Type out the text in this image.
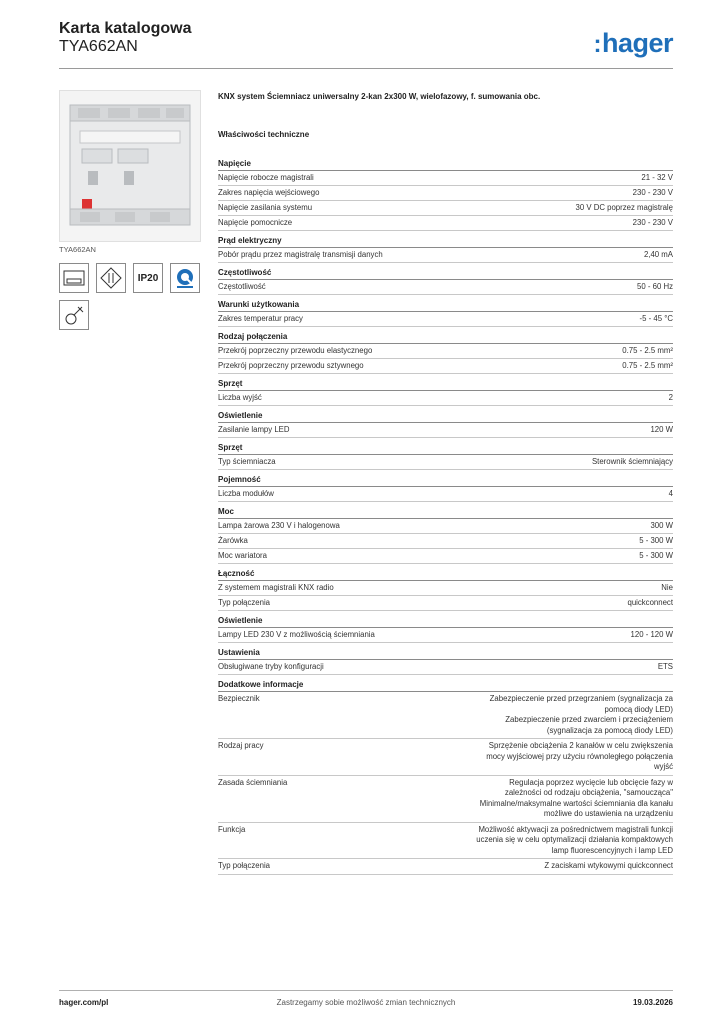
Karta katalogowa
TYA662AN	:hager
TYA662AN
IP20
KNX system Ściemniacz uniwersalny 2-kan 2x300 W, wielofazowy, f. sumowania obc.
Właściwości techniczne
Napięcie
Napięcie robocze magistrali	21 - 32 V
Zakres napięcia wejściowego	230 - 230 V
Napięcie zasilania systemu	30 V DC poprzez magistralę
Napięcie pomocnicze	230 - 230 V
Prąd elektryczny
Pobór prądu przez magistralę transmisji danych	2,40 mA
Częstotliwość
Częstotliwość	50 - 60 Hz
Warunki użytkowania
Zakres temperatur pracy	-5 - 45 °C
Rodzaj połączenia
Przekrój poprzeczny przewodu elastycznego	0.75 - 2.5 mm²
Przekrój poprzeczny przewodu sztywnego	0.75 - 2.5 mm²
Sprzęt
Liczba wyjść	2
Oświetlenie
Zasilanie lampy LED	120 W
Sprzęt
Typ ściemniacza	Sterownik ściemniający
Pojemność
Liczba modułów	4
Moc
Lampa żarowa 230 V i halogenowa	300 W
Żarówka	5 - 300 W
Moc wariatora	5 - 300 W
Łączność
Z systemem magistrali KNX radio	Nie
Typ połączenia	quickconnect
Oświetlenie
Lampy LED 230 V z możliwością ściemniania	120 - 120 W
Ustawienia
Obsługiwane tryby konfiguracji	ETS
Dodatkowe informacje
Bezpiecznik	Zabezpieczenie przed przegrzaniem (sygnalizacja za
pomocą diody LED)
Zabezpieczenie przed zwarciem i przeciążeniem
(sygnalizacja za pomocą diody LED)
Rodzaj pracy	Sprzężenie obciążenia 2 kanałów w celu zwiększenia
mocy wyjściowej przy użyciu równoległego połączenia
wyjść
Zasada ściemniania	Regulacja poprzez wycięcie lub obcięcie fazy w
zależności od rodzaju obciążenia, "samoucząca"
Minimalne/maksymalne wartości ściemniania dla kanału
możliwe do ustawienia na urządzeniu
Funkcja	Możliwość aktywacji za pośrednictwem magistrali funkcji
uczenia się w celu optymalizacji działania kompaktowych
lamp fluorescencyjnych i lamp LED
Typ połączenia	Z zaciskami wtykowymi quickconnect
hager.com/pl	Zastrzegamy sobie możliwość zmian technicznych	19.03.2026
